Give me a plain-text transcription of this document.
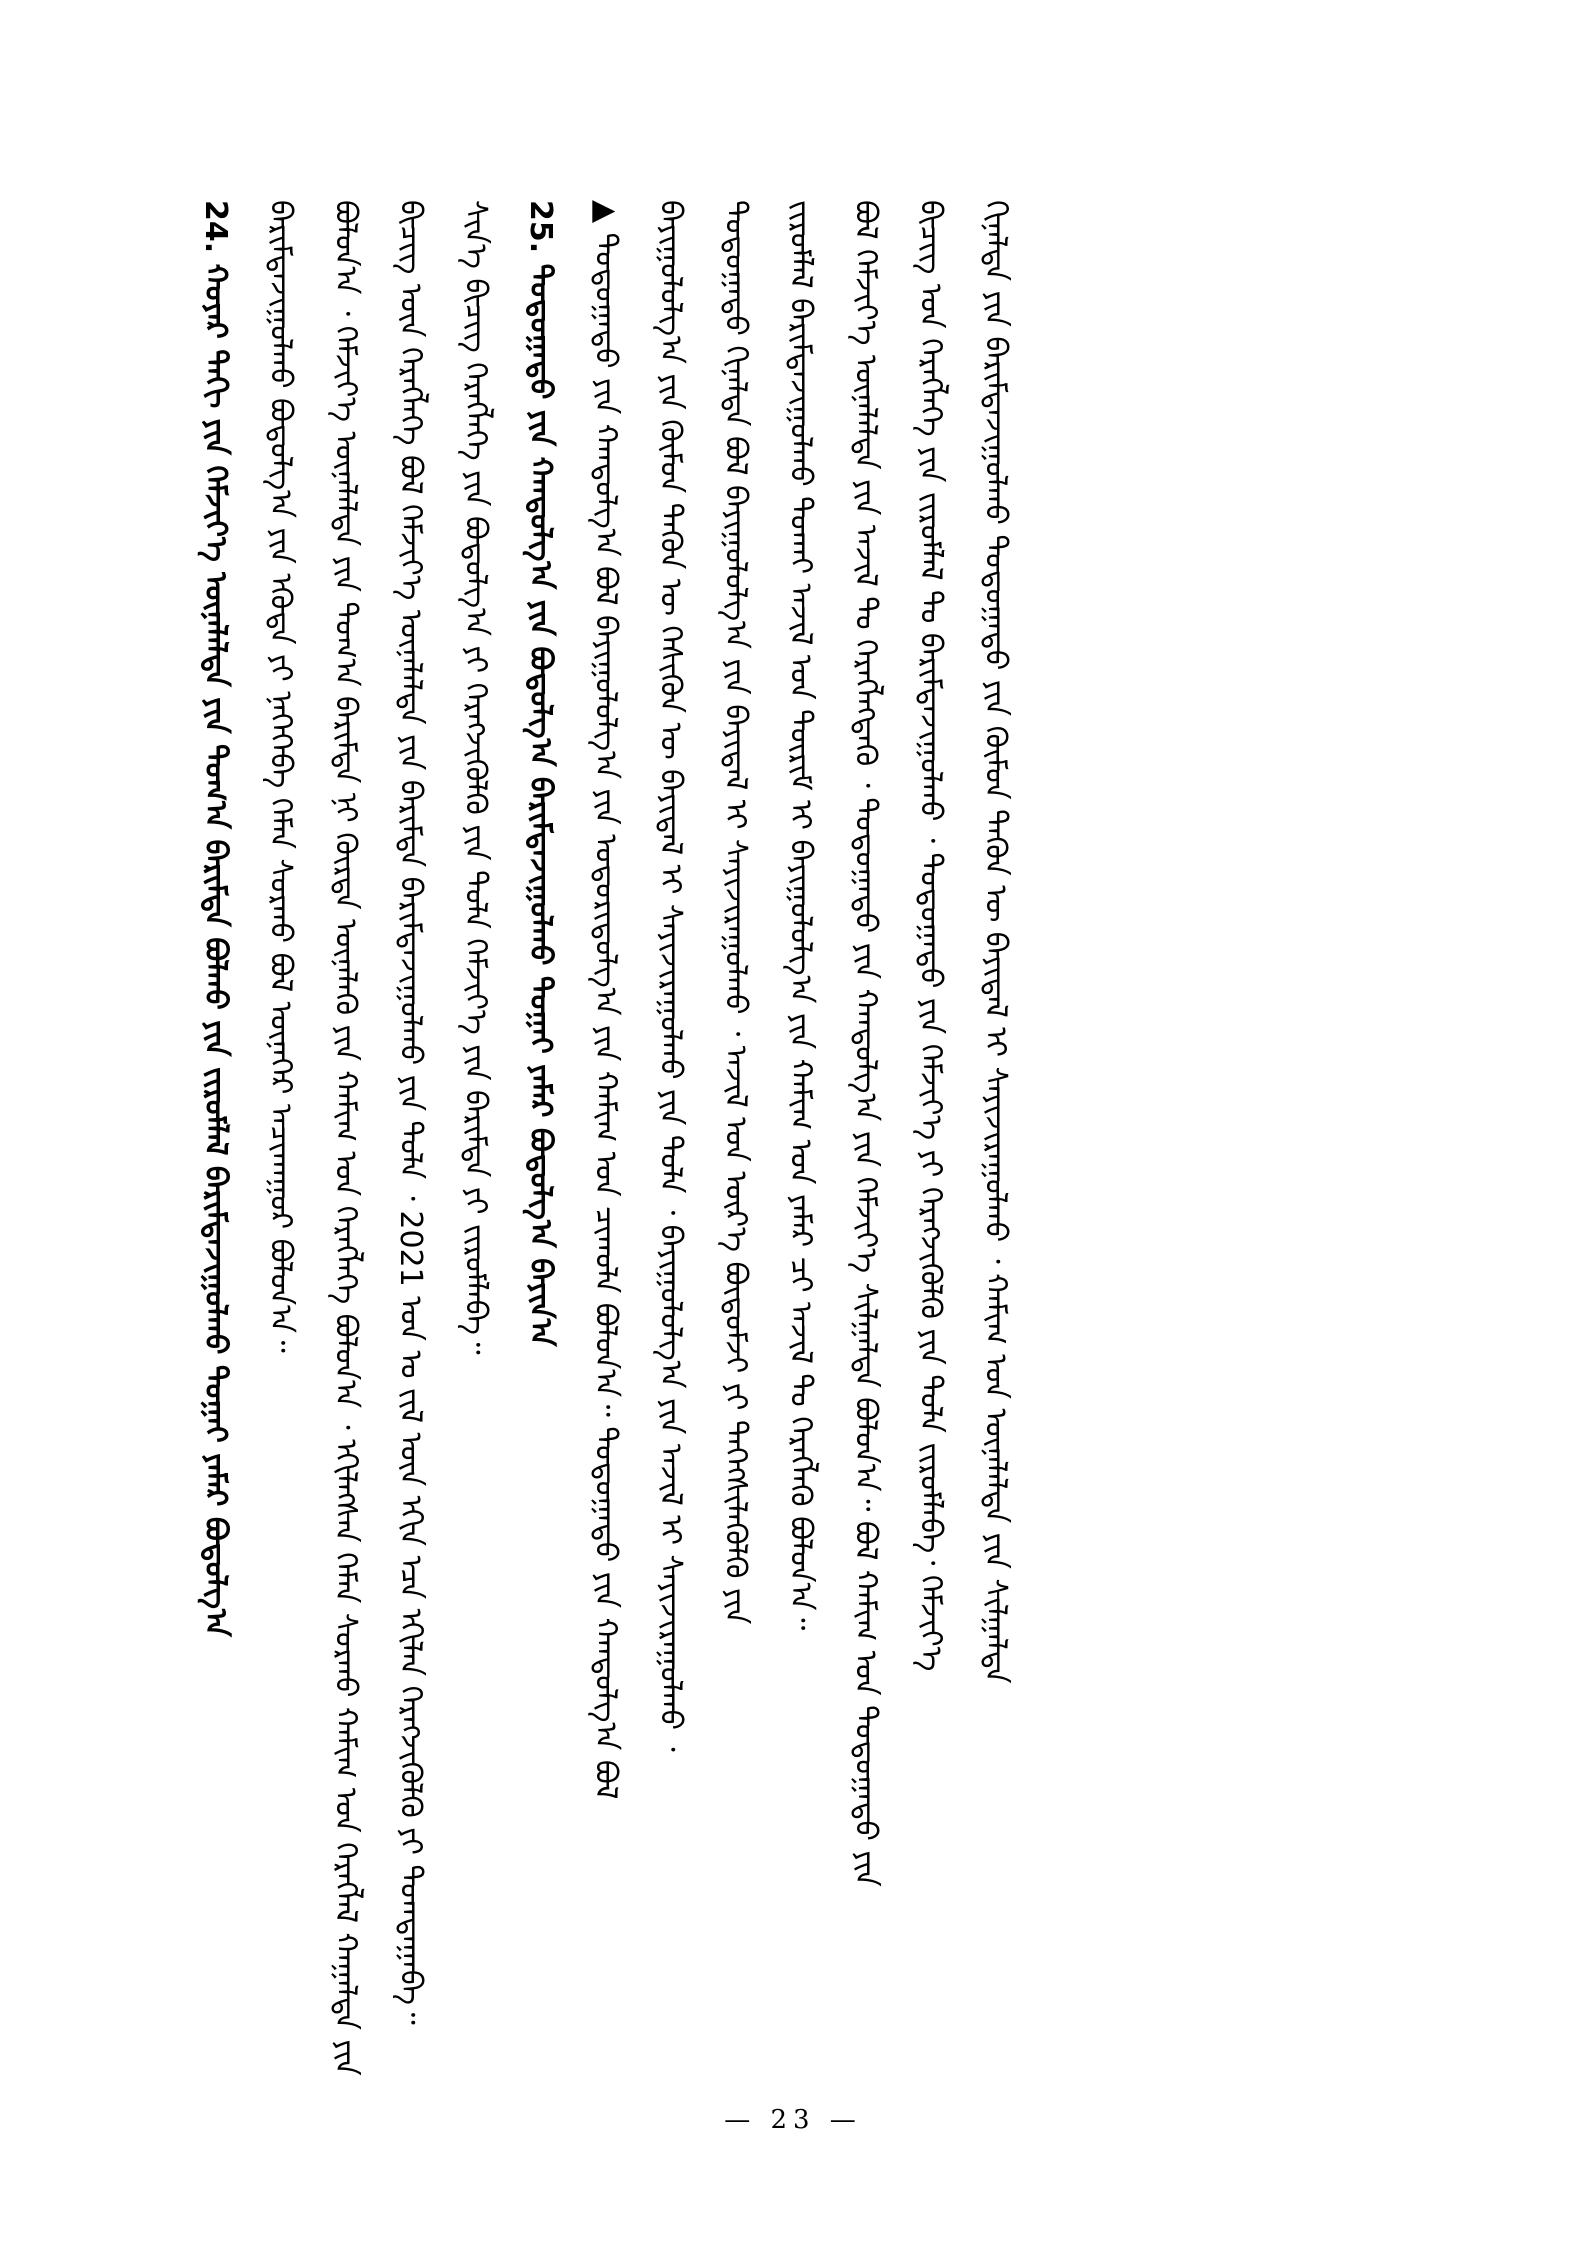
24. ᠬᠣᠶᠠᠷ ᠳᠠᠬᠢ ᠶᠢᠨ ᠬᠡᠮᠵᠢᠶ᠎ᠡ ᠦᠨᠡᠯᠡᠯᠲᠡ ᠶᠢᠨ ᠲᠣᠭ᠎ᠠ ᠪᠠᠷᠢᠮᠲᠠ ᠪᠣᠯᠬᠤ ᠶᠢᠨ ᠵᠢᠷᠤᠮᠯᠠᠯ ᠪᠠᠷᠢᠮᠲᠠᠵᠢᠭᠤᠯᠬᠤ ᠲᠤᠭᠠᠢ ᠶᠠᠮᠠᠷ ᠪᠣᠳᠤᠯᠭ᠎ᠠ ᠪᠠᠷᠢᠮᠲᠠᠵᠢᠭᠤᠯᠬᠤ ᠪᠣᠳᠤᠯᠭ᠎ᠠ ᠶᠢᠨ ᠡᠭᠦᠳᠡ ᠶᠢ ᠨᠡᠭᠡᠭᠡᠪᠡ ᠬᠡᠮᠡᠨ ᠰᠤᠷᠬᠤ ᠪᠣᠯ ᠦᠨᠡᠭᠡᠷ ᠠᠴᠢᠬᠠᠭᠤᠷ ᠪᠣᠯᠤᠨ᠎ᠠ᠃ ᠪᠣᠯᠤᠨ᠎ᠠ ᠂ ᠬᠡᠮᠵᠢᠶ᠎ᠡ ᠦᠨᠡᠯᠡᠯᠲᠡ ᠶᠢᠨ ᠲᠣᠭ᠎ᠠ ᠪᠠᠷᠢᠮᠲᠠ ᠨᠢ ᠬᠦᠷᠳᠡ ᠦᠨᠡᠯᠡᠬᠦ ᠶᠢᠨ ᠬᠠᠮᠢᠭ ᠤᠨ ᠬᠡᠷᠡᠭᠯᠡᠭᠡ ᠪᠣᠯᠤᠨ᠎ᠠ ᠂ ᠡᠬᠢᠯᠡᠭᠰᠡᠨ ᠬᠡᠮᠡᠨ ᠰᠤᠷᠬᠤ ᠬᠠᠮᠢᠭ ᠤᠨ ᠬᠡᠷᠡᠭᠯᠡᠯ ᠬᠠᠭᠠᠯᠲᠠ ᠶᠢᠨ ᠪᠢᠴᠢᠭ᠌ ᠦᠨ ᠬᠡᠷᠡᠭᠯᠡᠭᠡ ᠪᠣᠯ ᠬᠡᠮᠵᠢᠶ᠎ᠡ ᠦᠨᠡᠯᠡᠯᠲᠡ ᠶᠢᠨ ᠪᠠᠷᠢᠮᠲᠠ ᠪᠠᠷᠢᠮᠲᠠᠵᠢᠭᠤᠯᠬᠤ ᠶᠢᠨ ᠲᠤᠯᠠ ᠂ 2021 ᠣᠨ ᠤ ᠵᠢᠯ ᠦᠨ ᠡᠬᠢᠨ ᠡᠴᠡ ᠡᠬᠢᠯᠡᠨ ᠬᠡᠷᠡᠭᠵᠢᠬᠦᠯᠬᠦ ᠶᠢ ᠲᠣᠭᠲᠠᠭᠠᠪᠠ᠃ ᠰᠢᠨ᠎ᠡ ᠪᠢᠴᠢᠭ᠌ ᠬᠡᠷᠡᠭᠯᠡᠭᠡ ᠶᠢᠨ ᠪᠣᠳᠤᠯᠭ᠎ᠠ ᠶᠢ ᠬᠡᠷᠡᠭᠵᠢᠬᠦᠯᠬᠦ ᠶᠢᠨ ᠲᠤᠯᠠ ᠬᠡᠮᠵᠢᠶ᠎ᠡ ᠶᠢᠨ ᠪᠠᠷᠢᠮᠲᠠ ᠶᠢ ᠵᠢᠷᠤᠮᠯᠠᠪᠠ᠃ 25. ᠳᠣᠲᠣᠭᠠᠳᠤ ᠶᠢᠨ ᠬᠠᠨᠳᠤᠯᠭ᠎ᠠ ᠶᠢᠨ ᠪᠣᠳᠣᠯᠭ᠎ᠠ ᠪᠠᠷᠢᠮᠲᠠᠵᠢᠭᠤᠯᠬᠤ ᠲᠤᠭᠠᠢ ᠶᠠᠮᠠᠷ ᠪᠣᠳᠤᠯᠭ᠎ᠠ ᠪᠠᠶᠢᠨ᠎ᠠ ▲ ᠳᠣᠲᠣᠭᠠᠳᠤ ᠶᠢᠨ ᠬᠠᠨᠳᠤᠯᠭ᠎ᠠ ᠪᠣᠯ ᠪᠠᠶᠢᠭᠤᠯᠤᠯᠭ᠎ᠠ ᠶᠢᠨ ᠤᠳᠤᠷᠢᠳᠤᠯᠭ᠎ᠠ ᠶᠢᠨ ᠬᠠᠮᠢᠭ ᠤᠨ ᠴᠢᠬᠤᠯᠠ ᠪᠣᠯᠤᠨ᠎ᠠ᠃ ᠳᠣᠲᠣᠭᠠᠳᠤ ᠶᠢᠨ ᠬᠠᠨᠳᠤᠯᠭ᠎ᠠ ᠪᠣᠯ ᠪᠠᠶᠢᠭᠤᠯᠤᠯᠭ᠎ᠠ ᠶᠢᠨ ᠬᠦᠮᠦᠨ ᠲᠡᠭᠦᠨ ᠦ ᠭᠡᠰᠢᠭᠦᠨ ᠦ ᠪᠠᠶᠢᠳᠠᠯ ᠢ ᠰᠠᠶᠢᠵᠢᠷᠠᠭᠤᠯᠬᠤ ᠶᠢᠨ ᠲᠤᠯᠠ ᠂ ᠪᠠᠶᠢᠭᠤᠯᠤᠯᠭ᠎ᠠ ᠶᠢᠨ ᠠᠵᠢᠯ ᠢ ᠰᠠᠶᠢᠵᠢᠷᠠᠭᠤᠯᠬᠤ ᠂ ᠳᠣᠲᠣᠭᠠᠳᠤ ᠬᠢᠨᠠᠯᠲᠠ ᠪᠣᠯ ᠪᠠᠶᠢᠭᠤᠯᠤᠯᠭ᠎ᠠ ᠶᠢᠨ ᠪᠠᠶᠢᠳᠠᠯ ᠢ ᠰᠠᠶᠢᠵᠢᠷᠠᠭᠤᠯᠬᠤ ᠂ ᠠᠵᠢᠯ ᠤᠨ ᠦᠷ᠎ᠡ ᠪᠦᠲᠦᠮᠵᠢ ᠶᠢ ᠳᠡᠭᠡᠭᠰᠢᠯᠡᠭᠦᠯᠬᠦ ᠶᠢᠨ ᠵᠢᠷᠤᠮᠯᠠᠯ ᠪᠠᠷᠢᠮᠲᠠᠵᠢᠭᠤᠯᠬᠤ ᠲᠤᠬᠠᠢ ᠠᠵᠢᠯ ᠤᠨ ᠳᠦᠷᠢᠮ ᠢ ᠪᠠᠶᠢᠭᠤᠯᠤᠯᠭ᠎ᠠ ᠶᠢᠨ ᠬᠠᠮᠢᠭ ᠤᠨ ᠶᠠᠮᠠᠷ ᠴᠢ ᠠᠵᠢᠯ ᠲᠤ ᠬᠡᠷᠡᠭᠯᠡᠬᠦ ᠪᠣᠯᠤᠨ᠎ᠠ᠃ ᠪᠣᠯ ᠬᠡᠮᠵᠢᠶ᠎ᠡ ᠦᠨᠡᠯᠡᠯᠲᠡ ᠶᠢᠨ ᠠᠵᠢᠯ ᠲᠤ ᠬᠡᠷᠡᠭᠯᠡᠭᠳᠡᠬᠦ ᠂ ᠳᠣᠲᠣᠭᠠᠳᠤ ᠶᠢᠨ ᠬᠠᠨᠳᠤᠯᠭ᠎ᠠ ᠶᠢᠨ ᠬᠡᠮᠵᠢᠶ᠎ᠡ ᠰᠢᠯᠭᠠᠯᠲᠠ ᠪᠣᠯᠤᠨ᠎ᠠ᠃ ᠪᠣᠯ ᠬᠠᠮᠢᠭ ᠤᠨ ᠳᠣᠲᠣᠭᠠᠳᠤ ᠶᠢᠨ ᠪᠢᠴᠢᠭ᠌ ᠤᠨ ᠬᠡᠷᠡᠭᠯᠡᠭᠡ ᠶᠢᠨ ᠵᠢᠷᠤᠮᠯᠠᠯ ᠲᠤ ᠪᠠᠷᠢᠮᠲᠠᠵᠢᠭᠤᠯᠬᠤ ᠂ ᠳᠣᠲᠣᠭᠠᠳᠤ ᠶᠢᠨ ᠬᠡᠮᠵᠢᠶ᠎ᠡ ᠶᠢ ᠬᠡᠷᠡᠭᠵᠢᠬᠦᠯᠬᠦ ᠶᠢᠨ ᠲᠤᠯᠠ ᠵᠢᠷᠤᠮᠯᠠᠪᠠ᠂ ᠬᠡᠮᠵᠢᠶ᠎ᠡ ᠬᠢᠨᠠᠯᠲᠠ ᠶᠢᠨ ᠪᠠᠷᠢᠮᠲᠠᠵᠢᠭᠤᠯᠬᠤ ᠳᠣᠲᠣᠭᠠᠳᠤ ᠶᠢᠨ ᠬᠦᠮᠦᠨ ᠲᠡᠭᠦᠨ ᠦ ᠪᠠᠶᠢᠳᠠᠯ ᠢ ᠰᠠᠶᠢᠵᠢᠷᠠᠭᠤᠯᠬᠤ ᠂ ᠬᠠᠮᠢᠭ ᠤᠨ ᠦᠨᠡᠯᠡᠯᠲᠡ ᠶᠢᠨ ᠰᠢᠯᠭᠠᠯᠲᠠ
— 23 —
